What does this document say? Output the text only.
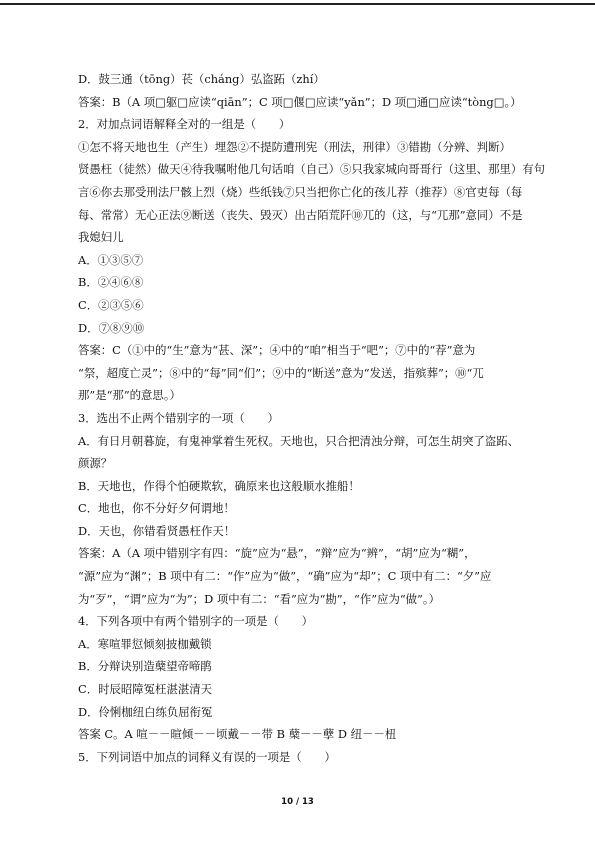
D．鼓三通（tōng）苌（cháng）弘盗跖（zhí）

答案：B（A 项□躯□应读“qiān”；C 项□偃□应读“yǎn”；D 项□通□应读“tòng□。）

2．对加点词语解释全对的一组是（　　）

①怎不将天地也生（产生）埋怨②不提防遭刑宪（刑法，刑律）③错勘（分辨、判断）

贤愚枉（徒然）做天④待我嘱咐他几句话咱（自己）⑤只我家城向哥哥行（这里、那里）有句

言⑥你去那受刑法尸骸上烈（烧）些纸钱⑦只当把你亡化的孩儿荐（推荐）⑧官吏每（每

每、常常）无心正法⑨断送（丧失、毁灭）出古陌荒阡⑩兀的（这，与“兀那”意同）不是

我媳妇儿

A．①③⑤⑦

B．②④⑥⑧

C．②③⑤⑥

D．⑦⑧⑨⑩

答案：C（①中的“生”意为“甚、深”；④中的“咱”相当于“吧”；⑦中的“荐”意为

“祭，超度亡灵”；⑧中的“每”同“们”；⑨中的“断送”意为“发送，指殡葬”；⑩“兀

那”是“那”的意思。）

3．选出不止两个错别字的一项（　　）

A．有日月朝暮旋，有鬼神掌着生死权。天地也，只合把清浊分辩，可怎生胡突了盗跖、

颜源？

B．天地也，作得个怕硬欺软，确原来也这般顺水推船！

C．地也，你不分好夕何谓地！

D．天也，你错看贤愚枉作天！

答案：A（A 项中错别字有四：“旋”应为“悬”，“辩”应为“辨”，“胡”应为“糊”，

“源”应为“渊”；B 项中有二：“作”应为“做”，“确”应为“却”；C 项中有二：“夕”应

为“歹”，“谓”应为“为”；D 项中有二：“看”应为“勘”，“作”应为“做”。）

4．下列各项中有两个错别字的一项是（　　）

A．寒喧罪愆倾刻披枷戴锁

B．分辩诀别造蘖望帝啼鹃

C．时辰昭障冤枉湛湛清天

D．伶悧枷纽白练负屈衔冤

答案 C。A 喧－－暄倾－－顷戴－－带 B 蘖－－孽 D 纽－－杻

5．下列词语中加点的词释义有误的一项是（　　）

10 / 13
